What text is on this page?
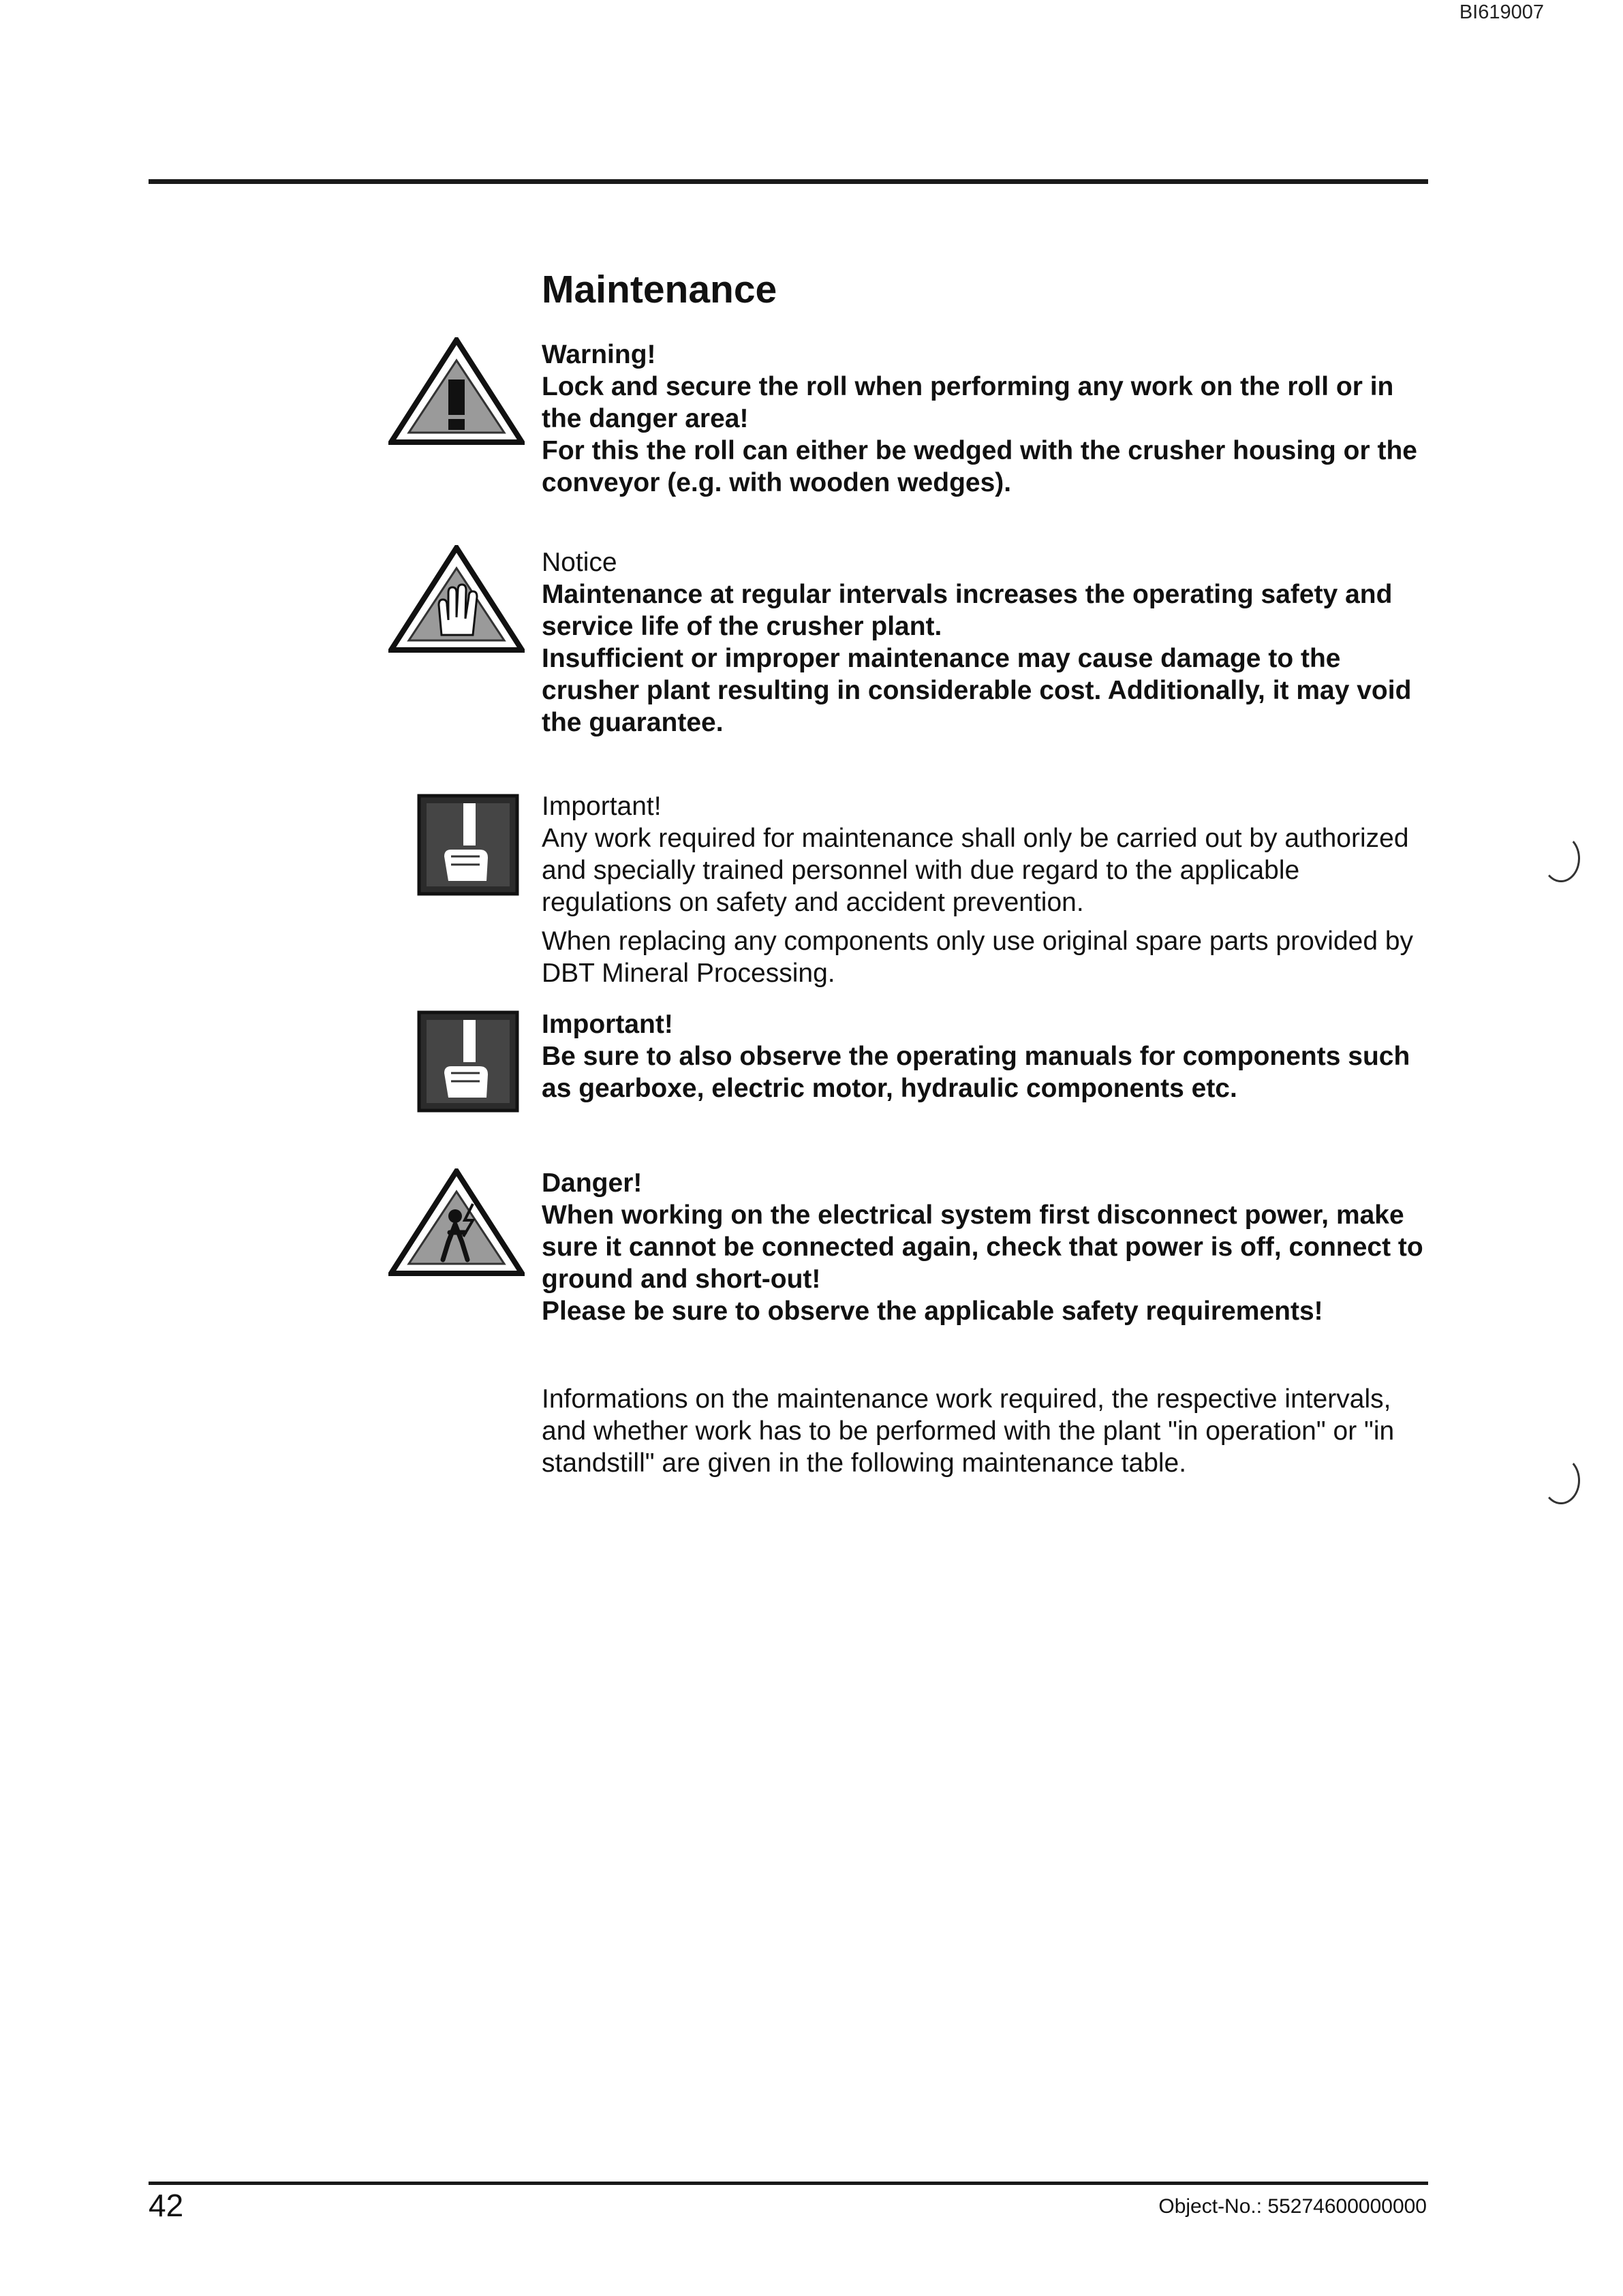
BI619007
Maintenance

Warning!

Lock and secure the roll when performing any work on the roll or in the danger area!

For this the roll can either be wedged with the crusher housing or the conveyor (e.g. with wooden wedges).

Notice

Maintenance at regular intervals increases the operating safety and service life of the crusher plant.

Insufficient or improper maintenance may cause damage to the crusher plant resulting in considerable cost. Additionally, it may void the guarantee.

Important!

Any work required for maintenance shall only be carried out by authorized and specially trained personnel with due regard to the applicable regulations on safety and accident prevention.

When replacing any components only use original spare parts provided by DBT Mineral Processing.

Important!

Be sure to also observe the operating manuals for components such as gearboxe, electric motor, hydraulic components etc.

Danger!

When working on the electrical system first disconnect power, make sure it cannot be connected again, check that power is off, connect to ground and short-out!

Please be sure to observe the applicable safety requirements!

Informations on the maintenance work required, the respective intervals, and whether work has to be performed with the plant "in operation" or "in standstill" are given in the following maintenance table.

42	Object-No.: 55274600000000
